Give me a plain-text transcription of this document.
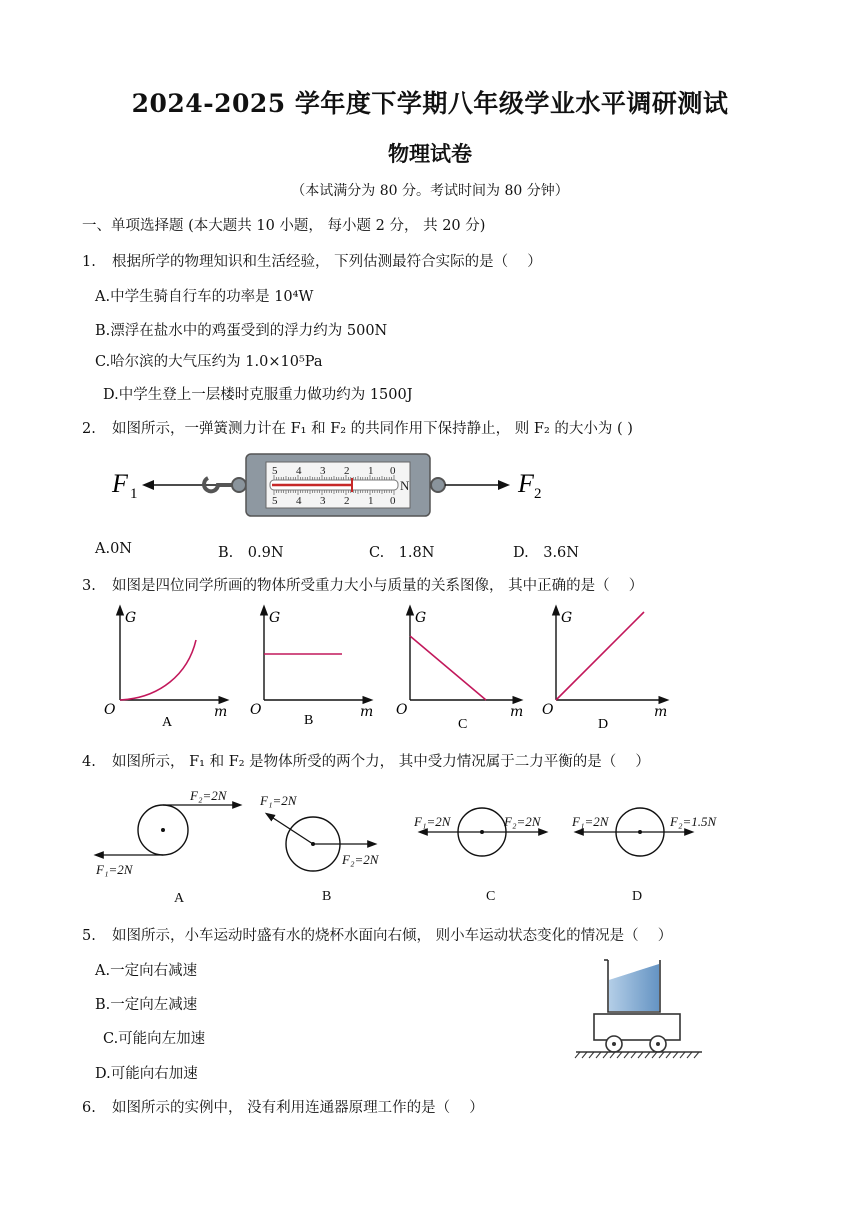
2024-2025 学年度下学期八年级学业水平调研测试
物理试卷
（本试满分为 80 分。考试时间为 80 分钟）
一、单项选择题 (本大题共 10 小题， 每小题 2 分， 共 20 分)
1. 根据所学的物理知识和生活经验， 下列估测最符合实际的是（　 ）
A.中学生骑自行车的功率是 10⁴W
B.漂浮在盐水中的鸡蛋受到的浮力约为 500N
C.哈尔滨的大气压约为 1.0×10⁵Pa
D.中学生登上一层楼时克服重力做功约为 1500J
2. 如图所示，一弹簧测力计在 F₁ 和 F₂ 的共同作用下保持静止， 则 F₂ 的大小为 ( )
F 1
5 4 3 2 1 0
N
5 4 3 2 1 0
F 2
A.0N	B.　0.9N	C.　1.8N	D.　3.6N
3. 如图是四位同学所画的物体所受重力大小与质量的关系图像， 其中正确的是（　 ）
G
O	m
A
G
O	m
B
G
O	m
C
G
O	m
D
4. 如图所示， F₁ 和 F₂ 是物体所受的两个力， 其中受力情况属于二力平衡的是（　 ）
F₂=2N
F₁=2N
A
F₁=2N
F₂=2N
B
F₁=2N	F₂=2N
C
F₁=2N	F₂=1.5N
D
5. 如图所示，小车运动时盛有水的烧杯水面向右倾， 则小车运动状态变化的情况是（　 ）
A.一定向右减速
B.一定向左减速
C.可能向左加速
D.可能向右加速
6. 如图所示的实例中， 没有利用连通器原理工作的是（　 ）
